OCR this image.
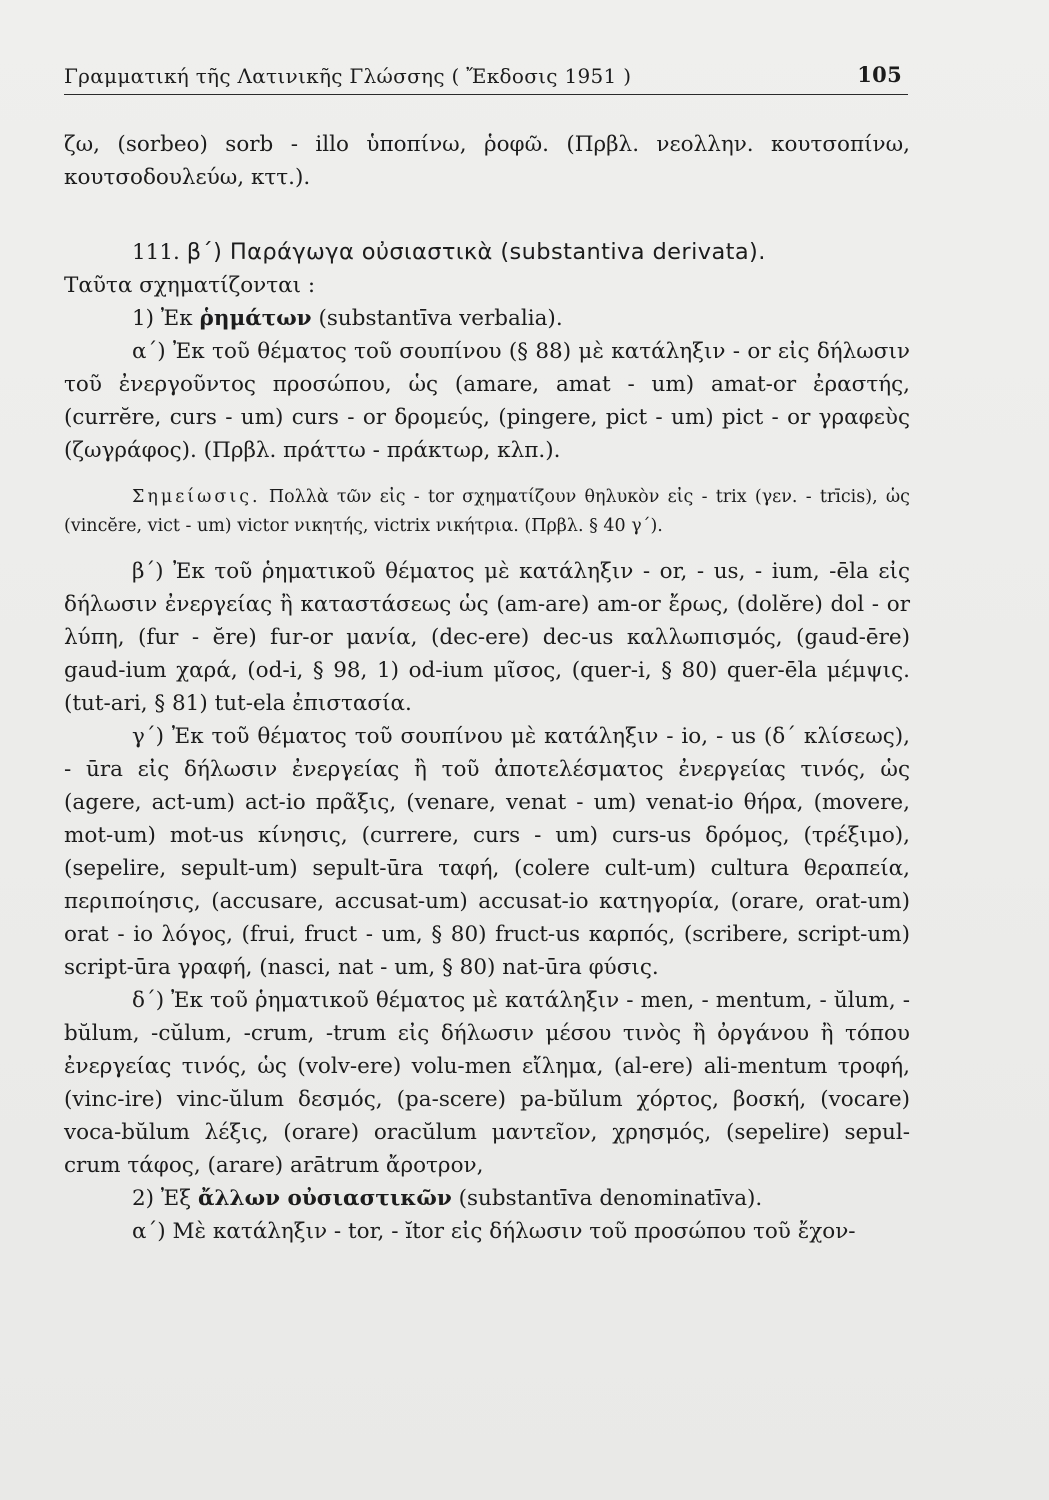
Γραμματική τῆς Λατινικῆς Γλώσσης ( Ἔκδοσις 1951 )	105

ζω, (sorbeo) sorb - illo ὑποπίνω, ῥοφῶ. (Πρβλ. νεολλην. κουτσοπίνω, κουτσοδουλεύω, κττ.).

111. β΄) Παράγωγα οὐσιαστικὰ (substantiva derivata).

Ταῦτα σχηματίζονται :

1) Ἐκ ῥημάτων (substantīva verbalia).

α΄) Ἐκ τοῦ θέματος τοῦ σουπίνου (§ 88) μὲ κατάληξιν - or εἰς δήλωσιν τοῦ ἐνεργοῦντος προσώπου, ὡς (amare, amat - um) amat-or ἐραστής, (currĕre, curs - um) curs - or δρομεύς, (pingere, pict - um) pict - or γραφεὺς (ζωγράφος). (Πρβλ. πράττω - πράκτωρ, κλπ.).

Σημείωσις. Πολλὰ τῶν εἰς - tor σχηματίζουν θηλυκὸν εἰς - trix (γεν. - trīcis), ὡς (vincĕre, vict - um) victor νικητής, victrix νικήτρια. (Πρβλ. § 40 γ΄).

β΄) Ἐκ τοῦ ῥηματικοῦ θέματος μὲ κατάληξιν - or, - us, - ium, -ēla εἰς δήλωσιν ἐνεργείας ἢ καταστάσεως ὡς (am-are) am-or ἔρως, (dolĕre) dol - or λύπη, (fur - ĕre) fur-or μανία, (dec-ere) dec-us καλλωπισμός, (gaud-ēre) gaud-ium χαρά, (od-i, § 98, 1) od-ium μῖσος, (quer-i, § 80) quer-ēla μέμψις. (tut-ari, § 81) tut-ela ἐπιστασία.

γ΄) Ἐκ τοῦ θέματος τοῦ σουπίνου μὲ κατάληξιν - io, - us (δ΄ κλίσεως), - ūra εἰς δήλωσιν ἐνεργείας ἢ τοῦ ἀποτελέσματος ἐνεργείας τινός, ὡς (agere, act-um) act-io πρᾶξις, (venare, venat - um) venat-io θήρα, (movere, mot-um) mot-us κίνησις, (currere, curs - um) curs-us δρόμος, (τρέξιμο), (sepelire, sepult-um) sepult-ūra ταφή, (colere cult-um) cultura θεραπεία, περιποίησις, (accusare, accusat-um) accusat-io κατηγορία, (orare, orat-um) orat - io λόγος, (frui, fruct - um, § 80) fruct-us καρπός, (scribere, script-um) script-ūra γραφή, (nasci, nat - um, § 80) nat-ūra φύσις.

δ΄) Ἐκ τοῦ ῥηματικοῦ θέματος μὲ κατάληξιν - men, - mentum, - ŭlum, - bŭlum, -cŭlum, -crum, -trum εἰς δήλωσιν μέσου τινὸς ἢ ὀργάνου ἢ τόπου ἐνεργείας τινός, ὡς (volv-ere) volu-men εἴλημα, (al-ere) ali-mentum τροφή, (vinc-ire) vinc-ŭlum δεσμός, (pa-scere) pa-bŭlum χόρτος, βοσκή, (vocare) voca-bŭlum λέξις, (orare) oracŭlum μαντεῖον, χρησμός, (sepelire) sepul-crum τάφος, (arare) arātrum ἄροτρον,

2) Ἐξ ἄλλων οὐσιαστικῶν (substantīva denominatīva).

α΄) Μὲ κατάληξιν - tor, - ĭtor εἰς δήλωσιν τοῦ προσώπου τοῦ ἔχον-
